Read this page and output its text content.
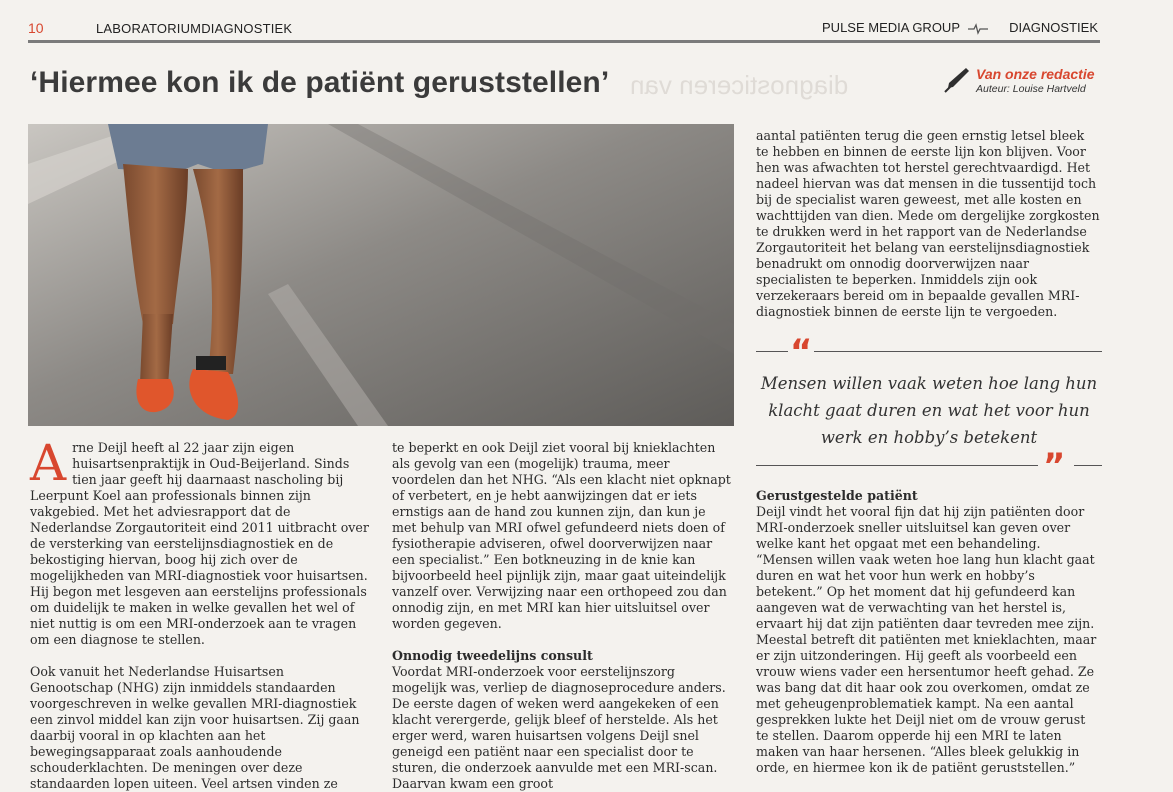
10	LABORATORIUMDIAGNOSTIEK	PULSE MEDIA GROUP	DIAGNOSTIEK
diagnosticeren van
‘Hiermee kon ik de patiënt geruststellen’	Van onze redactie
Auteur: Louise Hartveld
A rne Deijl heeft al 22 jaar zijn eigen huisartsenpraktijk in Oud-Beijerland. Sinds tien jaar geeft hij daarnaast nascholing bij Leerpunt Koel aan professionals binnen zijn vakgebied. Met het adviesrapport dat de Nederlandse Zorgautoriteit eind 2011 uitbracht over de versterking van eerstelijnsdiagnostiek en de bekostiging hiervan, boog hij zich over de mogelijkheden van MRI-diagnostiek voor huisartsen. Hij begon met lesgeven aan eerstelijns professionals om duidelijk te maken in welke gevallen het wel of niet nuttig is om een MRI-onderzoek aan te vragen om een diagnose te stellen.

Ook vanuit het Nederlandse Huisartsen Genootschap (NHG) zijn inmiddels standaarden voorgeschreven in welke gevallen MRI-diagnostiek een zinvol middel kan zijn voor huisartsen. Zij gaan daarbij vooral in op klachten aan het bewegingsapparaat zoals aanhoudende schouderklachten. De meningen over deze standaarden lopen uiteen. Veel artsen vinden ze

te beperkt en ook Deijl ziet vooral bij knieklachten als gevolg van een (mogelijk) trauma, meer voordelen dan het NHG. “Als een klacht niet opknapt of verbetert, en je hebt aanwijzingen dat er iets ernstigs aan de hand zou kunnen zijn, dan kun je met behulp van MRI ofwel gefundeerd niets doen of fysiotherapie adviseren, ofwel doorverwijzen naar een specialist.” Een botkneuzing in de knie kan bijvoorbeeld heel pijnlijk zijn, maar gaat uiteindelijk vanzelf over. Verwijzing naar een orthopeed zou dan onnodig zijn, en met MRI kan hier uitsluitsel over worden gegeven.

Onnodig tweedelijns consult

Voordat MRI-onderzoek voor eerstelijnszorg mogelijk was, verliep de diagnoseprocedure anders. De eerste dagen of weken werd aangekeken of een klacht verergerde, gelijk bleef of herstelde. Als het erger werd, waren huisartsen volgens Deijl snel geneigd een patiënt naar een specialist door te sturen, die onderzoek aanvulde met een MRI-scan. Daarvan kwam een groot

aantal patiënten terug die geen ernstig letsel bleek te hebben en binnen de eerste lijn kon blijven. Voor hen was afwachten tot herstel gerechtvaardigd. Het nadeel hiervan was dat mensen in die tussentijd toch bij de specialist waren geweest, met alle kosten en wachttijden van dien. Mede om dergelijke zorgkosten te drukken werd in het rapport van de Nederlandse Zorgautoriteit het belang van eerstelijnsdiagnostiek benadrukt om onnodig doorverwijzen naar specialisten te beperken. Inmiddels zijn ook verzekeraars bereid om in bepaalde gevallen MRI-diagnostiek binnen de eerste lijn te vergoeden.

“
Mensen willen vaak weten hoe lang hun klacht gaat duren en wat het voor hun werk en hobby’s betekent
”

Gerustgestelde patiënt

Deijl vindt het vooral fijn dat hij zijn patiënten door MRI-onderzoek sneller uitsluitsel kan geven over welke kant het opgaat met een behandeling. “Mensen willen vaak weten hoe lang hun klacht gaat duren en wat het voor hun werk en hobby’s betekent.” Op het moment dat hij gefundeerd kan aangeven wat de verwachting van het herstel is, ervaart hij dat zijn patiënten daar tevreden mee zijn. Meestal betreft dit patiënten met knieklachten, maar er zijn uitzonderingen. Hij geeft als voorbeeld een vrouw wiens vader een hersentumor heeft gehad. Ze was bang dat dit haar ook zou overkomen, omdat ze met geheugenproblematiek kampt. Na een aantal gesprekken lukte het Deijl niet om de vrouw gerust te stellen. Daarom opperde hij een MRI te laten maken van haar hersenen. “Alles bleek gelukkig in orde, en hiermee kon ik de patiënt geruststellen.”
